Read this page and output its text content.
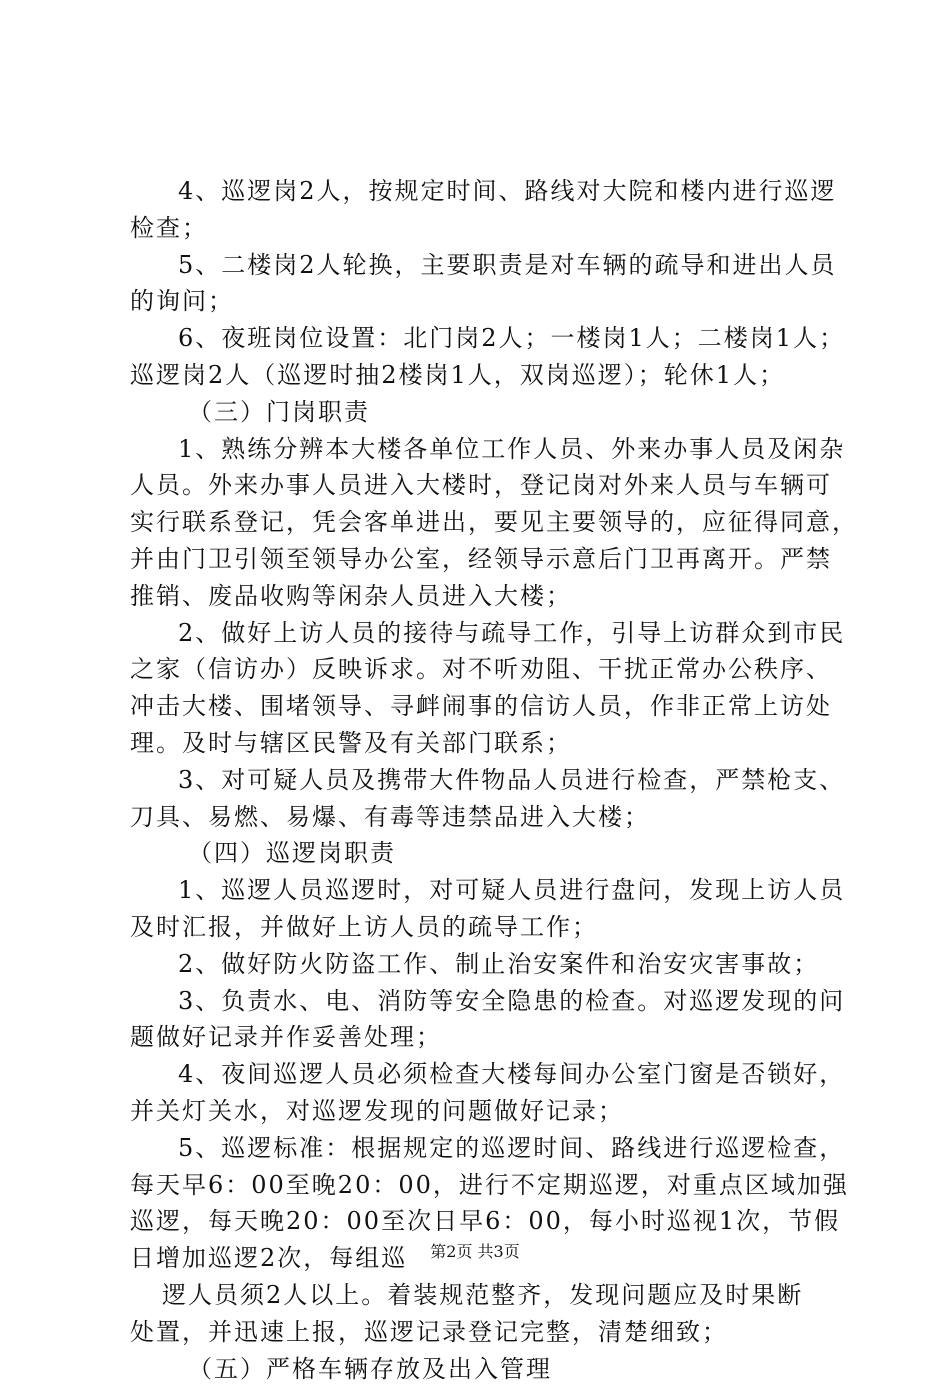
4、巡逻岗2人，按规定时间、路线对大院和楼内进行巡逻
检查；
5、二楼岗2人轮换，主要职责是对车辆的疏导和进出人员
的询问；
6、夜班岗位设置：北门岗2人；一楼岗1人；二楼岗1人；
巡逻岗2人（巡逻时抽2楼岗1人，双岗巡逻）；轮休1人；
（三）门岗职责
1、熟练分辨本大楼各单位工作人员、外来办事人员及闲杂
人员。外来办事人员进入大楼时，登记岗对外来人员与车辆可
实行联系登记，凭会客单进出，要见主要领导的，应征得同意，
并由门卫引领至领导办公室，经领导示意后门卫再离开。严禁
推销、废品收购等闲杂人员进入大楼；
2、做好上访人员的接待与疏导工作，引导上访群众到市民
之家（信访办）反映诉求。对不听劝阻、干扰正常办公秩序、
冲击大楼、围堵领导、寻衅闹事的信访人员，作非正常上访处
理。及时与辖区民警及有关部门联系；
3、对可疑人员及携带大件物品人员进行检查，严禁枪支、
刀具、易燃、易爆、有毒等违禁品进入大楼；
（四）巡逻岗职责
1、巡逻人员巡逻时，对可疑人员进行盘问，发现上访人员
及时汇报，并做好上访人员的疏导工作；
2、做好防火防盗工作、制止治安案件和治安灾害事故；
3、负责水、电、消防等安全隐患的检查。对巡逻发现的问
题做好记录并作妥善处理；
4、夜间巡逻人员必须检查大楼每间办公室门窗是否锁好，
并关灯关水，对巡逻发现的问题做好记录；
5、巡逻标准：根据规定的巡逻时间、路线进行巡逻检查，
每天早6：00至晚20：00，进行不定期巡逻，对重点区域加强
巡逻，每天晚20：00至次日早6：00，每小时巡视1次，节假
日增加巡逻2次，每组巡
逻人员须2人以上。着装规范整齐，发现问题应及时果断
处置，并迅速上报，巡逻记录登记完整，清楚细致；
（五）严格车辆存放及出入管理
第2页 共3页
